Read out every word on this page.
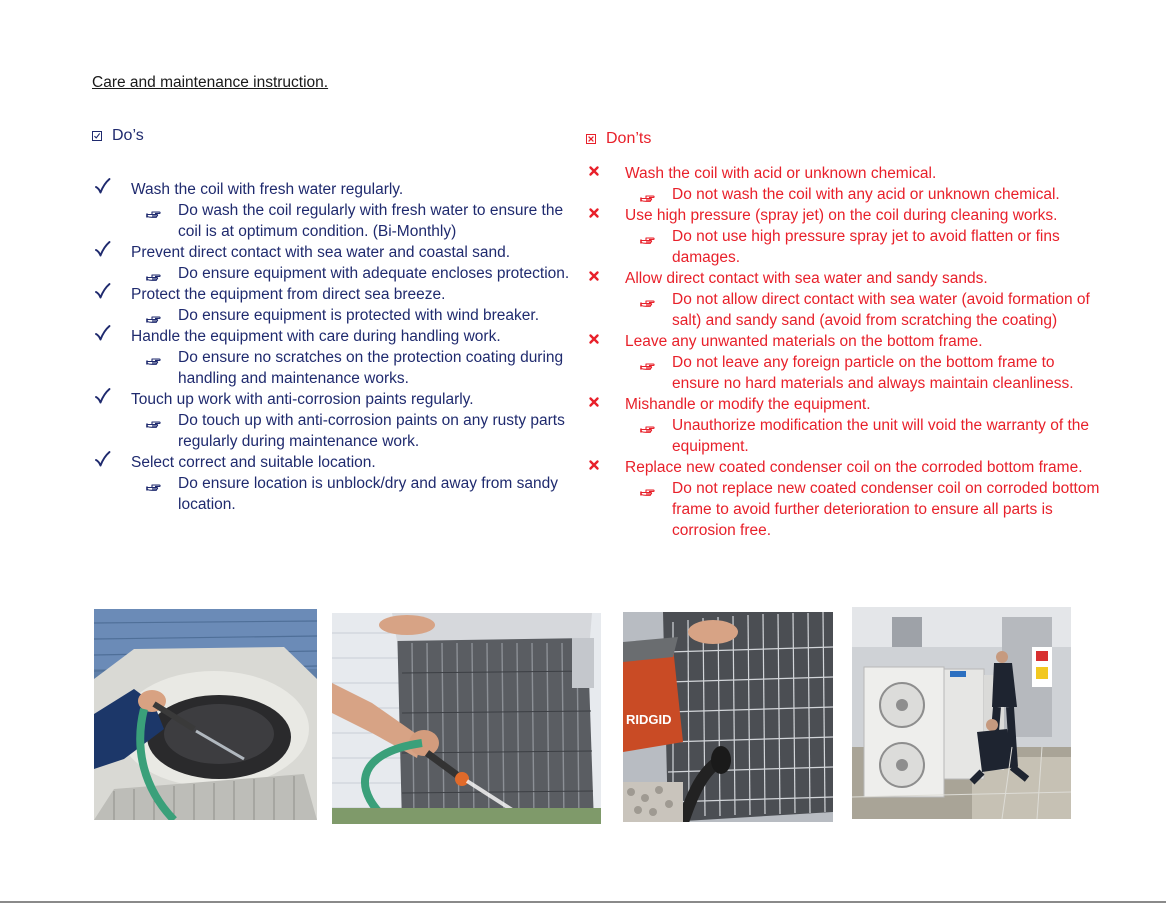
Care and maintenance instruction.
Do’s	Don’ts
Wash the coil with fresh water regularly.
Do wash the coil regularly with fresh water to ensure the coil is at optimum condition. (Bi-Monthly)
Prevent direct contact with sea water and coastal sand.
Do ensure equipment with adequate encloses protection.
Protect the equipment from direct sea breeze.
Do ensure equipment is protected with wind breaker.
Handle the equipment with care during handling work.
Do ensure no scratches on the protection coating during handling and maintenance works.
Touch up work with anti-corrosion paints regularly.
Do touch up with anti-corrosion paints on any rusty parts regularly during maintenance work.
Select correct and suitable location.
Do ensure location is unblock/dry and away from sandy location.
Wash the coil with acid or unknown chemical.
Do not wash the coil with any acid or unknown chemical.
Use high pressure (spray jet) on the coil during cleaning works.
Do not use high pressure spray jet to avoid flatten or fins damages.
Allow direct contact with sea water and sandy sands.
Do not allow direct contact with sea water (avoid formation of salt) and sandy sand (avoid from scratching the coating)
Leave any unwanted materials on the bottom frame.
Do not leave any foreign particle on the bottom frame to ensure no hard materials and always maintain cleanliness.
Mishandle or modify the equipment.
Unauthorize modification the unit will void the warranty of the equipment.
Replace new coated condenser coil on the corroded bottom frame.
Do not replace new coated condenser coil on corroded bottom frame to avoid further deterioration to ensure all parts is corrosion free.
RIDGID
